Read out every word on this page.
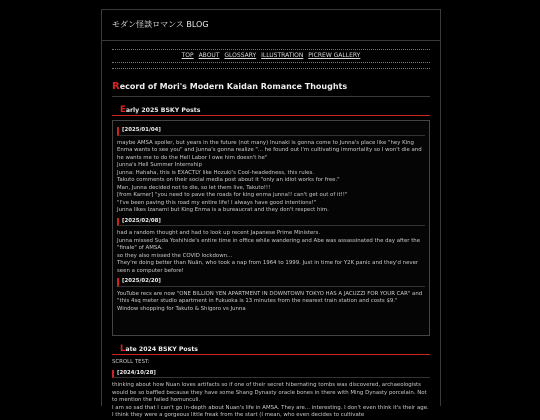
モダン怪談ロマンス BLOG
TOP ABOUT GLOSSARY ILLUSTRATION PICREW GALLERY
Record of Mori's Modern Kaidan Romance Thoughts
Early 2025 BSKY Posts
[2025/01/04]
maybe AMSA spoiler, but years in the future (not many) Inunaki is gonna come to Junna's place like "hey King Enma wants to see you" and Junna's gonna realize "... he found out I'm cultivating immortality so I won't die and he wants me to do the Hell Labor I owe him doesn't he"
Junna's Hell Summer Internship
Junna: Hahaha, this is EXACTLY like Hozuki's Cool-headedness, this rules.
Takuto comments on their social media post about it "only an idiot works for free."
Man, Junna decided not to die, so let them live, Takuto!!!
[from Karner] "you need to pave the roads for king enma junna!! can't get out of it!!"
"I've been paving this road my entire life! I always have good intentions!"
Junna likes Izanami but King Enma is a bureaucrat and they don't respect him.
[2025/02/08]
had a random thought and had to look up recent Japanese Prime Ministers.
Junna missed Suda Yoshihide's entire time in office while wandering and Abe was assassinated the day after the "finale" of AMSA.
so they also missed the COVID lockdown...
They're doing better than Nuān, who took a nap from 1964 to 1999. Just in time for Y2K panic and they'd never seen a computer before!
[2025/02/20]
YouTube recs are now "ONE BILLION YEN APARTMENT IN DOWNTOWN TOKYO HAS A JACUZZI FOR YOUR CAR" and "this 4sq meter studio apartment in Fukuoka is 13 minutes from the nearest train station and costs $9."
Window shopping for Takuto & Shigoro vs Junna
Late 2024 BSKY Posts
SCROLL TEST:
[2024/10/28]
thinking about how Nuan loves artifacts so if one of their secret hibernating tombs was discovered, archaeologists would be so baffled because they have some Shang Dynasty oracle bones in there with Ming Dynasty porcelain. Not to mention the failed homunculi.
I am so sad that I can't go in-depth about Nuan's life in AMSA. They are... interesting. I don't even think it's their age. I think they were a gorgeous little freak from the start (I mean, who even decides to cultivate
